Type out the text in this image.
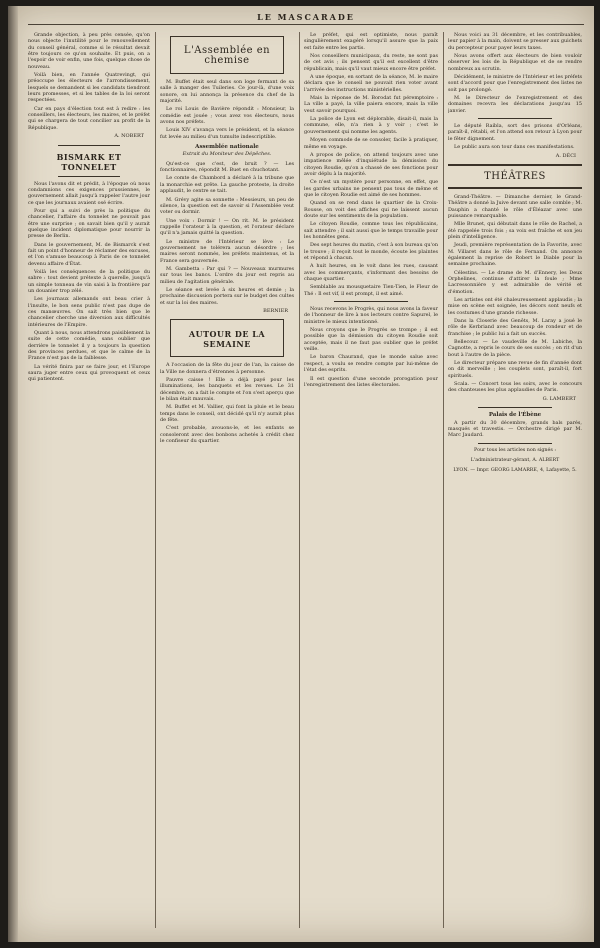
LE MASCARADE

Grande objection, à peu près censée, qu'on nous objecte l'inutilité pour le renouvellement du conseil général, comme si le résultat devait être toujours ce qu'on souhaite. Et puis, on a l'espoir de voir enfin, une fois, quelque chose de nouveau.

Voilà bien, en l'année Quatrevingt, qui préoccupe les électeurs de l'arrondissement, lesquels se demandent si les candidats tiendront leurs promesses, et si les tables de la loi seront respectées.

Car en pays d'élection tout est à redire : les conseillers, les électeurs, les maires, et le préfet qui se chargera de tout concilier au profit de la République.

A. NOBERT
BISMARK ET TONNELET

Nous l'avons dit et prédit, à l'époque où nous condamnions ces exigences prussiennes, le gouvernement allait jusqu'à rappeler l'autre jour ce que les journaux avaient osé écrire.

Pour qui a suivi de près la politique du chancelier, l'affaire du tonnelet ne pouvait pas être une surprise ; on savait bien qu'il y aurait quelque incident diplomatique pour nourrir la presse de Berlin.

Dans le gouvernement, M. de Bismarck s'est fait un point d'honneur de réclamer des excuses, et l'on s'amuse beaucoup à Paris de ce tonnelet devenu affaire d'État.

Voilà les conséquences de la politique du sabre : tout devient prétexte à querelle, jusqu'à un simple tonneau de vin saisi à la frontière par un douanier trop zélé.

Les journaux allemands ont beau crier à l'insulte, le bon sens public n'est pas dupe de ces manœuvres. On sait très bien que le chancelier cherche une diversion aux difficultés intérieures de l'Empire.

Quant à nous, nous attendrons paisiblement la suite de cette comédie, sans oublier que derrière le tonnelet il y a toujours la question des provinces perdues, et que le calme de la France n'est pas de la faiblesse.

La vérité finira par se faire jour, et l'Europe saura juger entre ceux qui provoquent et ceux qui patientent.

L'Assemblée en chemise

M. Buffet était seul dans son loge fermant de sa salle à manger des Tuileries. Ce jour-là, d'une voix sonore, on lui annonça la présence du chef de la majorité.

Le roi Louis de Bavière répondit : Monsieur, la comédie est jouée ; vous avez vos électeurs, nous avons nos préfets.

Louis XIV s'avança vers le président, et la séance fut levée au milieu d'un tumulte indescriptible.

Assemblée nationale
Extrait du Moniteur des Dépêches.

Qu'est-ce que c'est, de bruit ? — Les fonctionnaires, répondit M. Buet en chuchotant.

Le comte de Chambord a déclaré à la tribune que la monarchie est prête. La gauche proteste, la droite applaudit, le centre se tait.

M. Grévy agite sa sonnette : Messieurs, un peu de silence, la question est de savoir si l'Assemblée veut voter ou dormir.

Une voix : Dormir ! — On rit. M. le président rappelle l'orateur à la question, et l'orateur déclare qu'il n'a jamais quitté la question.

Le ministre de l'Intérieur se lève : Le gouvernement ne tolérera aucun désordre ; les maires seront nommés, les préfets maintenus, et la France sera gouvernée.

M. Gambetta : Par qui ? — Nouveaux murmures sur tous les bancs. L'ordre du jour est repris au milieu de l'agitation générale.

Le séance est levée à six heures et demie ; la prochaine discussion portera sur le budget des cultes et sur la loi des maires.

BERNIER
AUTOUR DE LA SEMAINE

A l'occasion de la fête du jour de l'an, la caisse de la Ville ne donnera d'étrennes à personne.

Pauvre caisse ! Elle a déjà payé pour les illuminations, les banquets et les revues. Le 31 décembre, on a fait le compte et l'on s'est aperçu que le bilan était mauvais.

M. Buffet et M. Vallier, qui font la pluie et le beau temps dans le conseil, ont décidé qu'il n'y aurait plus de fête.

C'est probable, avouons-le, et les enfants se consoleront avec des bonbons achetés à crédit chez le confiseur du quartier.

Le préfet, qui est optimiste, nous paraît singulièrement exagéré lorsqu'il assure que la paix est faite entre les partis.

Nos conseillers municipaux, du reste, ne sont pas de cet avis ; ils pensent qu'il est excellent d'être républicain, mais qu'il vaut mieux encore être préfet.

A une époque, en sortant de la séance, M. le maire déclara que le conseil ne pouvait rien voter avant l'arrivée des instructions ministérielles.

Mais la réponse de M. Borodat fut péremptoire : La ville a payé, la ville paiera encore, mais la ville veut savoir pourquoi.

La police de Lyon est déplorable, disait-il, mais la commune, elle, n'a rien à y voir ; c'est le gouvernement qui nomme les agents.

Moyen commode de se consoler, facile à pratiquer, même en voyage.

A propos de police, on attend toujours avec une impatience mêlée d'inquiétude la démission du citoyen Roudie, qu'on a chassé de ses fonctions pour avoir déplu à la majorité.

Ce n'est un mystère pour personne, en effet, que les gardes urbains ne pensent pas tous de même et que le citoyen Roudie est aimé de ses hommes.

Quand on se rend dans le quartier de la Croix-Rousse, on voit des affiches qui ne laissent aucun doute sur les sentiments de la population.

Le citoyen Roudie, comme tous les républicains, sait attendre ; il sait aussi que le temps travaille pour les honnêtes gens.

Des sept heures du matin, c'est à son bureau qu'on le trouve ; il reçoit tout le monde, écoute les plaintes et répond à chacun.

A huit heures, on le voit dans les rues, causant avec les commerçants, s'informant des besoins de chaque quartier.

Semblable au mousquetaire Tien-Tien, le Fleur de Thé : Il est vif, il est prompt, il est aimé.

Nous recevons le Progrès, qui nous avons la faveur de l'honneur de lire à nos lecteurs contre Sapurel, le ministre le mieux intentionné.

Nous croyons que le Progrès se trompe ; il est possible que la démission du citoyen Roudie soit acceptée, mais il ne faut pas oublier que le préfet veille.

Le baron Chaurand, que le monde salue avec respect, a voulu se rendre compte par lui-même de l'état des esprits.

Il est question d'une seconde prorogation pour l'enregistrement des listes électorales.

Nous voici au 31 décembre, et les contribuables, leur papier à la main, doivent se presser aux guichets du percepteur pour payer leurs taxes.

Nous avons offert aux électeurs de bien vouloir observer les lois de la République et de se rendre nombreux au scrutin.

Décidément, le ministre de l'Intérieur et les préfets sont d'accord pour que l'enregistrement des listes ne soit pas prolongé.

M. le Directeur de l'enregistrement et des domaines recevra les déclarations jusqu'au 15 janvier.

Le député Raibla, sort des prisons d'Orléans, paraît-il, rétabli, et l'on attend son retour à Lyon pour le fêter dignement.

Le public aura son tour dans ces manifestations.

A. DÉCI
THÉÂTRES

Grand-Théâtre. — Dimanche dernier, le Grand-Théâtre a donné la Juive devant une salle comble ; M. Dauphin a chanté le rôle d'Éléazar avec une puissance remarquable.

Mlle Brunet, qui débutait dans le rôle de Rachel, a été rappelée trois fois ; sa voix est fraîche et son jeu plein d'intelligence.

Jeudi, première représentation de la Favorite, avec M. Villaret dans le rôle de Fernand. On annonce également la reprise de Robert le Diable pour la semaine prochaine.

Célestins. — Le drame de M. d'Ennery, les Deux Orphelines, continue d'attirer la foule ; Mme Lacressonnière y est admirable de vérité et d'émotion.

Les artistes ont été chaleureusement applaudis ; la mise en scène est soignée, les décors sont neufs et les costumes d'une grande richesse.

Dans la Closerie des Genêts, M. Laray a joué le rôle de Kerbriand avec beaucoup de rondeur et de franchise ; le public lui a fait un succès.

Bellecour. — Le vaudeville de M. Labiche, la Cagnotte, a repris le cours de ses succès ; on rit d'un bout à l'autre de la pièce.

Le directeur prépare une revue de fin d'année dont on dit merveille ; les couplets sont, paraît-il, fort spirituels.

Scala. — Concert tous les soirs, avec le concours des chanteuses les plus applaudies de Paris.

G. LAMBERT
Palais de l'Ébène

A partir du 30 décembre, grands bals parés, masqués et travestis. — Orchestre dirigé par M. Marc Jaudard.

Pour tous les articles non signés :
L'administrateur-gérant, A. ALBERT
LYON. — Impr. GEORG LAMARRE, 4, Lafayette, 5.
